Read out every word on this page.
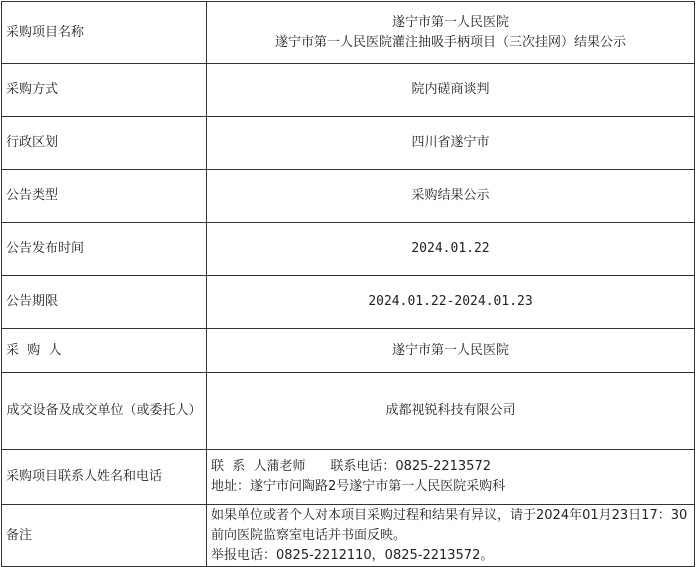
采购项目名称	遂宁市第一人民医院
遂宁市第一人民医院灌注抽吸手柄项目（三次挂网）结果公示

采购方式	院内磋商谈判
行政区划	四川省遂宁市
公告类型	采购结果公示
公告发布时间	2024.01.22
公告期限	2024.01.22-2024.01.23
采  购  人	遂宁市第一人民医院
成交设备及成交单位（或委托人）	成都视锐科技有限公司
采购项目联系人姓名和电话	联  系  人蒲老师      联系电话：0825-2213572
地址：遂宁市问陶路2号遂宁市第一人民医院采购科

备注	如果单位或者个人对本项目采购过程和结果有异议，请于2024年01月23日17：30前向医院监察室电话并书面反映。
举报电话：0825-2212110，0825-2213572。
